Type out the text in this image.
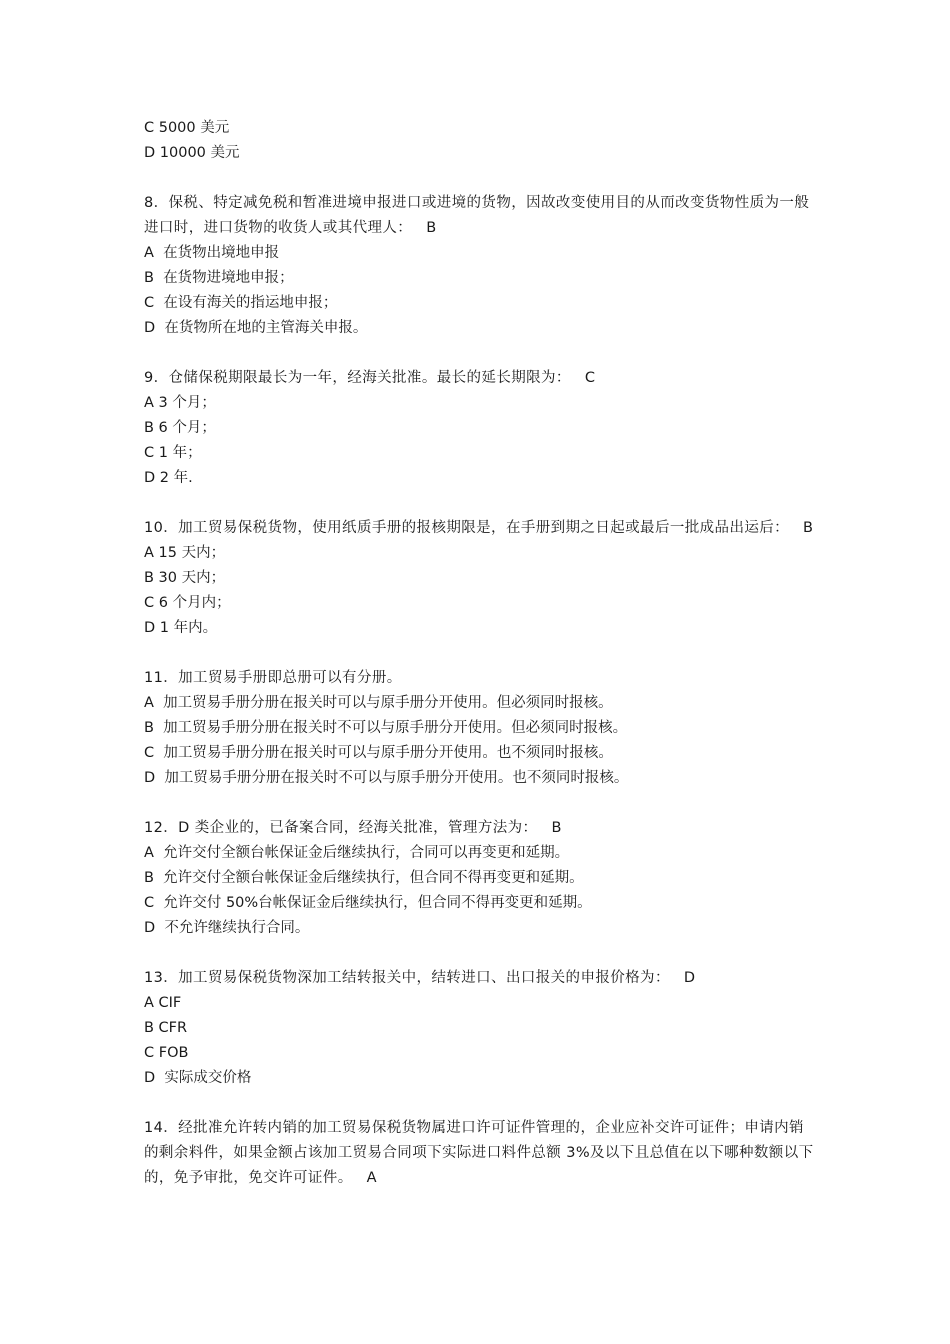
C 5000 美元
D 10000 美元
8．保税、特定减免税和暂准进境申报进口或进境的货物，因故改变使用目的从而改变货物性质为一般进口时，进口货物的收货人或其代理人： B
A  在货物出境地申报
B  在货物进境地申报；
C  在设有海关的指运地申报；
D  在货物所在地的主管海关申报。
9．仓储保税期限最长为一年，经海关批准。最长的延长期限为： C
A 3 个月；
B 6 个月；
C 1 年；
D 2 年.
10．加工贸易保税货物，使用纸质手册的报核期限是，在手册到期之日起或最后一批成品出运后： B
A 15 天内；
B 30 天内；
C 6 个月内；
D 1 年内。
11．加工贸易手册即总册可以有分册。
A  加工贸易手册分册在报关时可以与原手册分开使用。但必须同时报核。
B  加工贸易手册分册在报关时不可以与原手册分开使用。但必须同时报核。
C  加工贸易手册分册在报关时可以与原手册分开使用。也不须同时报核。
D  加工贸易手册分册在报关时不可以与原手册分开使用。也不须同时报核。
12．D 类企业的，已备案合同，经海关批准，管理方法为： B
A  允许交付全额台帐保证金后继续执行，合同可以再变更和延期。
B  允许交付全额台帐保证金后继续执行，但合同不得再变更和延期。
C  允许交付 50%台帐保证金后继续执行，但合同不得再变更和延期。
D  不允许继续执行合同。
13．加工贸易保税货物深加工结转报关中，结转进口、出口报关的申报价格为： D
A CIF
B CFR
C FOB
D  实际成交价格
14．经批准允许转内销的加工贸易保税货物属进口许可证件管理的，企业应补交许可证件；申请内销的剩余料件，如果金额占该加工贸易合同项下实际进口料件总额 3%及以下且总值在以下哪种数额以下的，免予审批，免交许可证件。 A
